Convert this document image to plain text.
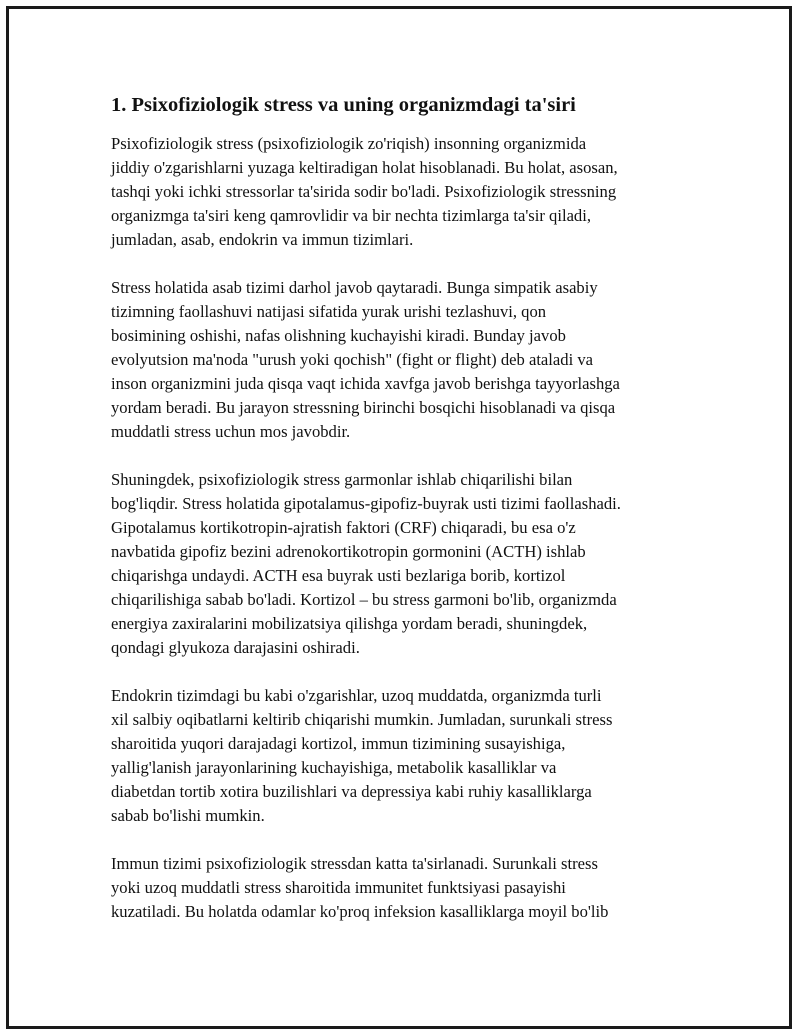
1. Psixofiziologik stress va uning organizmdagi ta'siri

Psixofiziologik stress (psixofiziologik zo'riqish) insonning organizmida
jiddiy o'zgarishlarni yuzaga keltiradigan holat hisoblanadi. Bu holat, asosan,
tashqi yoki ichki stressorlar ta'sirida sodir bo'ladi. Psixofiziologik stressning
organizmga ta'siri keng qamrovlidir va bir nechta tizimlarga ta'sir qiladi,
jumladan, asab, endokrin va immun tizimlari.

Stress holatida asab tizimi darhol javob qaytaradi. Bunga simpatik asabiy
tizimning faollashuvi natijasi sifatida yurak urishi tezlashuvi, qon
bosimining oshishi, nafas olishning kuchayishi kiradi. Bunday javob
evolyutsion ma'noda "urush yoki qochish" (fight or flight) deb ataladi va
inson organizmini juda qisqa vaqt ichida xavfga javob berishga tayyorlashga
yordam beradi. Bu jarayon stressning birinchi bosqichi hisoblanadi va qisqa
muddatli stress uchun mos javobdir.

Shuningdek, psixofiziologik stress garmonlar ishlab chiqarilishi bilan
bog'liqdir. Stress holatida gipotalamus-gipofiz-buyrak usti tizimi faollashadi.
Gipotalamus kortikotropin-ajratish faktori (CRF) chiqaradi, bu esa o'z
navbatida gipofiz bezini adrenokortikotropin gormonini (ACTH) ishlab
chiqarishga undaydi. ACTH esa buyrak usti bezlariga borib, kortizol
chiqarilishiga sabab bo'ladi. Kortizol – bu stress garmoni bo'lib, organizmda
energiya zaxiralarini mobilizatsiya qilishga yordam beradi, shuningdek,
qondagi glyukoza darajasini oshiradi.

Endokrin tizimdagi bu kabi o'zgarishlar, uzoq muddatda, organizmda turli
xil salbiy oqibatlarni keltirib chiqarishi mumkin. Jumladan, surunkali stress
sharoitida yuqori darajadagi kortizol, immun tizimining susayishiga,
yallig'lanish jarayonlarining kuchayishiga, metabolik kasalliklar va
diabetdan tortib xotira buzilishlari va depressiya kabi ruhiy kasalliklarga
sabab bo'lishi mumkin.

Immun tizimi psixofiziologik stressdan katta ta'sirlanadi. Surunkali stress
yoki uzoq muddatli stress sharoitida immunitet funktsiyasi pasayishi
kuzatiladi. Bu holatda odamlar ko'proq infeksion kasalliklarga moyil bo'lib
